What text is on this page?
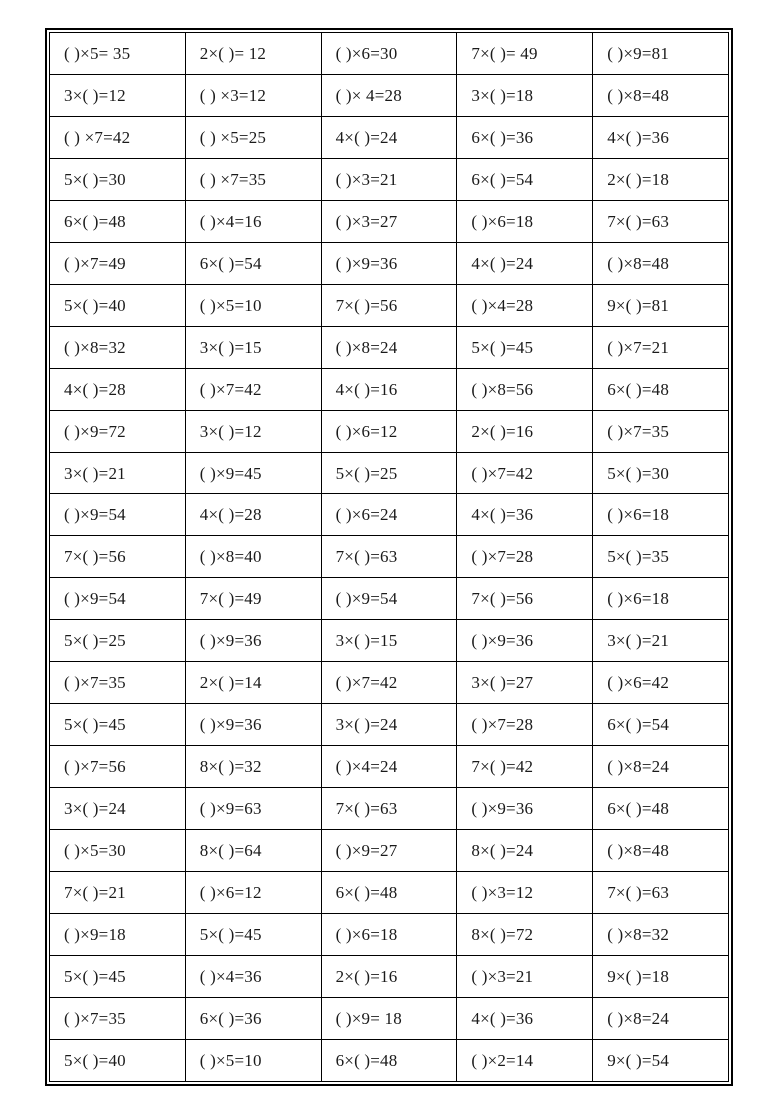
( )×5= 35	2×( )= 12	( )×6=30	7×( )= 49	( )×9=81
3×( )=12	( ) ×3=12	( )× 4=28	3×( )=18	( )×8=48
( ) ×7=42	( ) ×5=25	4×( )=24	6×( )=36	4×( )=36
5×( )=30	( ) ×7=35	( )×3=21	6×( )=54	2×( )=18
6×( )=48	( )×4=16	( )×3=27	( )×6=18	7×( )=63
( )×7=49	6×( )=54	( )×9=36	4×( )=24	( )×8=48
5×( )=40	( )×5=10	7×( )=56	( )×4=28	9×( )=81
( )×8=32	3×( )=15	( )×8=24	5×( )=45	( )×7=21
4×( )=28	( )×7=42	4×( )=16	( )×8=56	6×( )=48
( )×9=72	3×( )=12	( )×6=12	2×( )=16	( )×7=35
3×( )=21	( )×9=45	5×( )=25	( )×7=42	5×( )=30
( )×9=54	4×( )=28	( )×6=24	4×( )=36	( )×6=18
7×( )=56	( )×8=40	7×( )=63	( )×7=28	5×( )=35
( )×9=54	7×( )=49	( )×9=54	7×( )=56	( )×6=18
5×( )=25	( )×9=36	3×( )=15	( )×9=36	3×( )=21
( )×7=35	2×( )=14	( )×7=42	3×( )=27	( )×6=42
5×( )=45	( )×9=36	3×( )=24	( )×7=28	6×( )=54
( )×7=56	8×( )=32	( )×4=24	7×( )=42	( )×8=24
3×( )=24	( )×9=63	7×( )=63	( )×9=36	6×( )=48
( )×5=30	8×( )=64	( )×9=27	8×( )=24	( )×8=48
7×( )=21	( )×6=12	6×( )=48	( )×3=12	7×( )=63
( )×9=18	5×( )=45	( )×6=18	8×( )=72	( )×8=32
5×( )=45	( )×4=36	2×( )=16	( )×3=21	9×( )=18
( )×7=35	6×( )=36	( )×9= 18	4×( )=36	( )×8=24
5×( )=40	( )×5=10	6×( )=48	( )×2=14	9×( )=54
